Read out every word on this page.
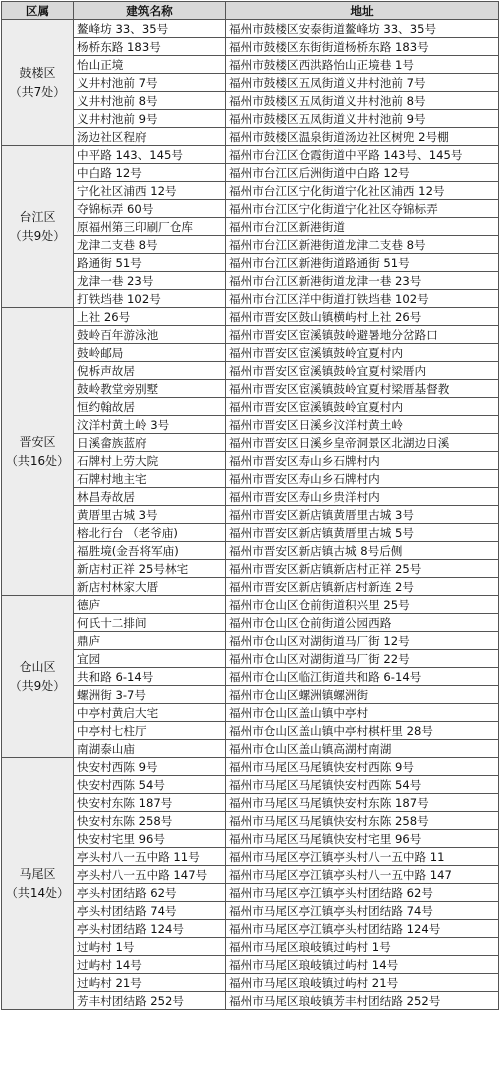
区属	建筑名称	地址

鼓楼区
（共7处）	鳌峰坊 33、35号	福州市鼓楼区安泰街道鳌峰坊 33、35号
	杨桥东路 183号	福州市鼓楼区东街街道杨桥东路 183号
	怡山正境	福州市鼓楼区西洪路怡山正境巷 1号
	义井村池前 7号	福州市鼓楼区五凤街道义井村池前 7号
	义井村池前 8号	福州市鼓楼区五凤街道义井村池前 8号
	义井村池前 9号	福州市鼓楼区五凤街道义井村池前 9号
	汤边社区程府	福州市鼓楼区温泉街道汤边社区树兜 2号棚

台江区
（共9处）	中平路 143、145号	福州市台江区仓霞街道中平路 143号、145号
	中白路 12号	福州市台江区后洲街道中白路 12号
	宁化社区浦西 12号	福州市台江区宁化街道宁化社区浦西 12号
	夺锦标弄 60号	福州市台江区宁化街道宁化社区夺锦标弄
	原福州第三印刷厂仓库	福州市台江区新港街道
	龙津二支巷 8号	福州市台江区新港街道龙津二支巷 8号
	路通街 51号	福州市台江区新港街道路通街 51号
	龙津一巷 23号	福州市台江区新港街道龙津一巷 23号
	打铁垱巷 102号	福州市台江区洋中街道打铁垱巷 102号

晋安区
（共16处）	上社 26号	福州市晋安区鼓山镇横屿村上社 26号
	鼓岭百年游泳池	福州市晋安区宦溪镇鼓岭避暑地分岔路口
	鼓岭邮局	福州市晋安区宦溪镇鼓岭宜夏村内
	倪柝声故居	福州市晋安区宦溪镇鼓岭宜夏村梁厝内
	鼓岭教堂旁别墅	福州市晋安区宦溪镇鼓岭宜夏村梁厝基督教
	恒约翰故居	福州市晋安区宦溪镇鼓岭宜夏村内
	汶洋村黄土岭 3号	福州市晋安区日溪乡汶洋村黄土岭
	日溪畲族蓝府	福州市晋安区日溪乡皇帝洞景区北湖边日溪
	石牌村上劳大院	福州市晋安区寿山乡石牌村内
	石牌村地主宅	福州市晋安区寿山乡石牌村内
	林昌寿故居	福州市晋安区寿山乡贵洋村内
	黄厝里古城 3号	福州市晋安区新店镇黄厝里古城 3号
	榕北行台 （老爷庙)	福州市晋安区新店镇黄厝里古城 5号
	福胜境(金吾将军庙)	福州市晋安区新店镇古城 8号后侧
	新店村正祥 25号林宅	福州市晋安区新店镇新店村正祥 25号
	新店村林家大厝	福州市晋安区新店镇新店村新连 2号

仓山区
（共9处）	德庐	福州市仓山区仓前街道积兴里 25号
	何氏十二排间	福州市仓山区仓前街道公园西路
	鼎庐	福州市仓山区对湖街道马厂街 12号
	宜园	福州市仓山区对湖街道马厂街 22号
	共和路 6-14号	福州市仓山区临江街道共和路 6-14号
	螺洲街 3-7号	福州市仓山区螺洲镇螺洲街
	中亭村黄启大宅	福州市仓山区盖山镇中亭村
	中亭村七柱厅	福州市仓山区盖山镇中亭村棋杆里 28号
	南湖泰山庙	福州市仓山区盖山镇高湖村南湖

马尾区
（共14处）	快安村西陈 9号	福州市马尾区马尾镇快安村西陈 9号
	快安村西陈 54号	福州市马尾区马尾镇快安村西陈 54号
	快安村东陈 187号	福州市马尾区马尾镇快安村东陈 187号
	快安村东陈 258号	福州市马尾区马尾镇快安村东陈 258号
	快安村宅里 96号	福州市马尾区马尾镇快安村宅里 96号
	亭头村八一五中路 11号	福州市马尾区亭江镇亭头村八一五中路 11
	亭头村八一五中路 147号	福州市马尾区亭江镇亭头村八一五中路 147
	亭头村团结路 62号	福州市马尾区亭江镇亭头村团结路 62号
	亭头村团结路 74号	福州市马尾区亭江镇亭头村团结路 74号
	亭头村团结路 124号	福州市马尾区亭江镇亭头村团结路 124号
	过屿村 1号	福州市马尾区琅岐镇过屿村 1号
	过屿村 14号	福州市马尾区琅岐镇过屿村 14号
	过屿村 21号	福州市马尾区琅岐镇过屿村 21号
	芳丰村团结路 252号	福州市马尾区琅岐镇芳丰村团结路 252号
